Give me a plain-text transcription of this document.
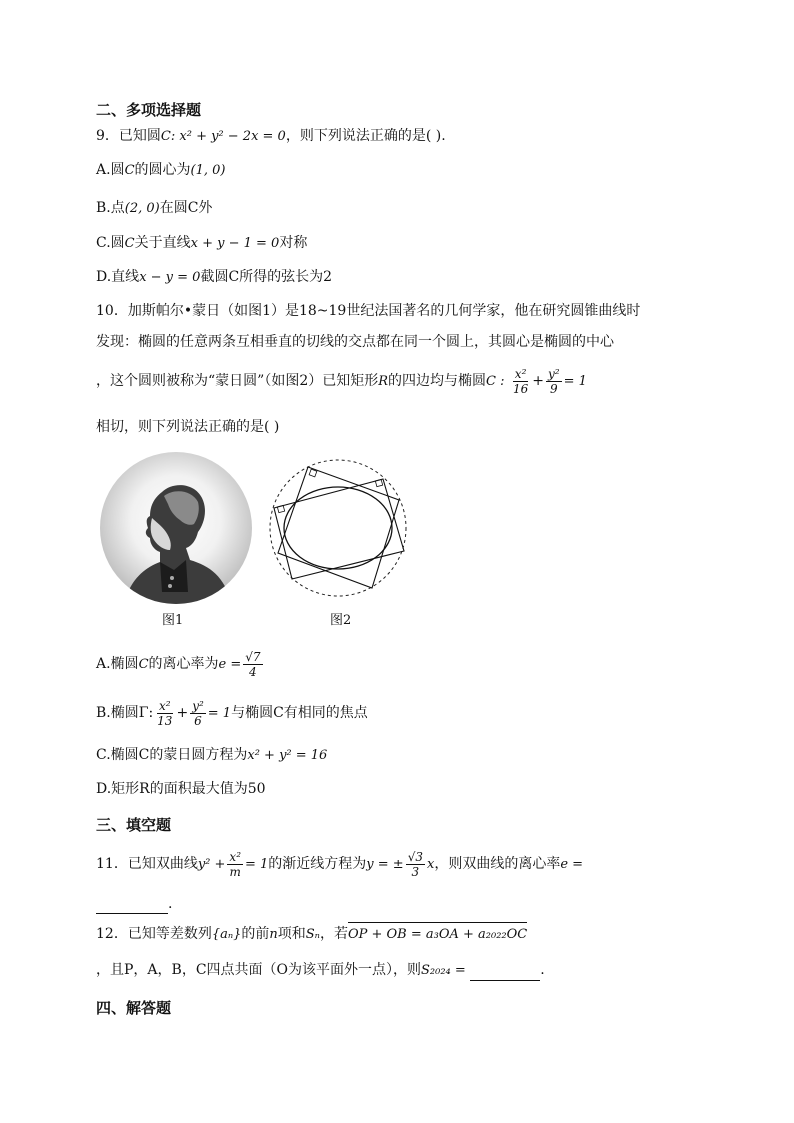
二、多项选择题
9．已知圆C: x² + y² − 2x = 0，则下列说法正确的是( ).
A.圆C的圆心为(1, 0)
B.点(2, 0)在圆C外
C.圆C关于直线x + y − 1 = 0对称
D.直线x − y = 0截圆C所得的弦长为2
10．加斯帕尔•蒙日（如图1）是18~19世纪法国著名的几何学家，他在研究圆锥曲线时
发现：椭圆的任意两条互相垂直的切线的交点都在同一个圆上，其圆心是椭圆的中心
，这个圆则被称为“蒙日圆”（如图2）已知矩形R的四边均与椭圆C : $\frac{\text{x²}}{16} + \frac{\text{y²}}{9} = 1$
相切，则下列说法正确的是( )
图1	图2
A.椭圆C的离心率为$e = \frac{√7}{4}$
B.椭圆Γ: $\frac{\text{x²}}{13} + \frac{\text{y²}}{6} = 1$与椭圆C有相同的焦点
C.椭圆C的蒙日圆方程为x² + y² = 16
D.矩形R的面积最大值为50
三、填空题
11．已知双曲线$y^2 + \frac{\text{x²}}{m} = 1$的渐近线方程为y = ± $\frac{√3}{3}$ x，则双曲线的离心率e =
.
12．已知等差数列{aₙ}的前n项和Sₙ，若OP + OB = a₃OA + a₂₀₂₂OC
，且P，A，B，C四点共面（O为该平面外一点），则S₂₀₂₄ =	.
四、解答题
